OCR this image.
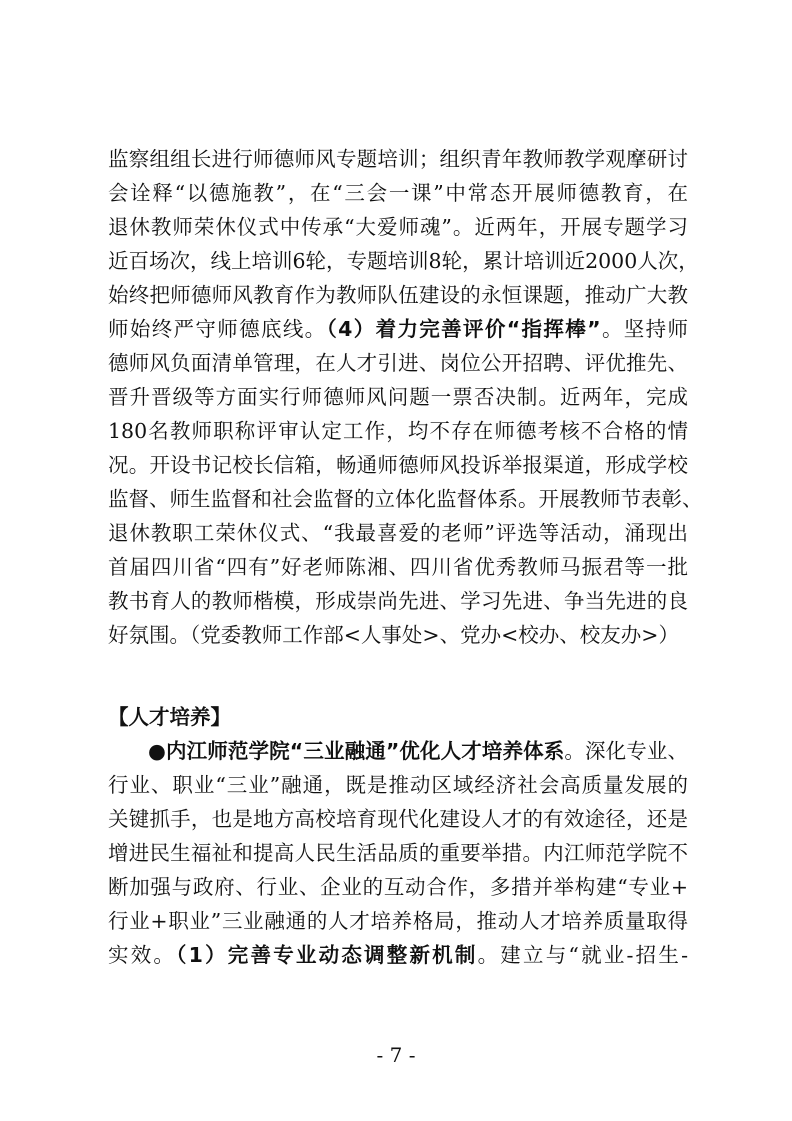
监察组组长进行师德师风专题培训；组织青年教师教学观摩研讨
会诠释“以德施教”，在“三会一课”中常态开展师德教育，在
退休教师荣休仪式中传承“大爱师魂”。近两年，开展专题学习
近百场次，线上培训6轮，专题培训8轮，累计培训近2000人次，
始终把师德师风教育作为教师队伍建设的永恒课题，推动广大教
师始终严守师德底线。（4）着力完善评价“指挥棒”。坚持师
德师风负面清单管理，在人才引进、岗位公开招聘、评优推先、
晋升晋级等方面实行师德师风问题一票否决制。近两年，完成
180名教师职称评审认定工作，均不存在师德考核不合格的情
况。开设书记校长信箱，畅通师德师风投诉举报渠道，形成学校
监督、师生监督和社会监督的立体化监督体系。开展教师节表彰、
退休教职工荣休仪式、“我最喜爱的老师”评选等活动，涌现出
首届四川省“四有”好老师陈湘、四川省优秀教师马振君等一批
教书育人的教师楷模，形成崇尚先进、学习先进、争当先进的良
好氛围。（党委教师工作部<人事处>、党办<校办、校友办>）
【人才培养】
●内江师范学院“三业融通”优化人才培养体系。深化专业、
行业、职业“三业”融通，既是推动区域经济社会高质量发展的
关键抓手，也是地方高校培育现代化建设人才的有效途径，还是
增进民生福祉和提高人民生活品质的重要举措。内江师范学院不
断加强与政府、行业、企业的互动合作，多措并举构建“专业+
行业+职业”三业融通的人才培养格局，推动人才培养质量取得
实效。（1）完善专业动态调整新机制。建立与“就业-招生-
- 7 -
